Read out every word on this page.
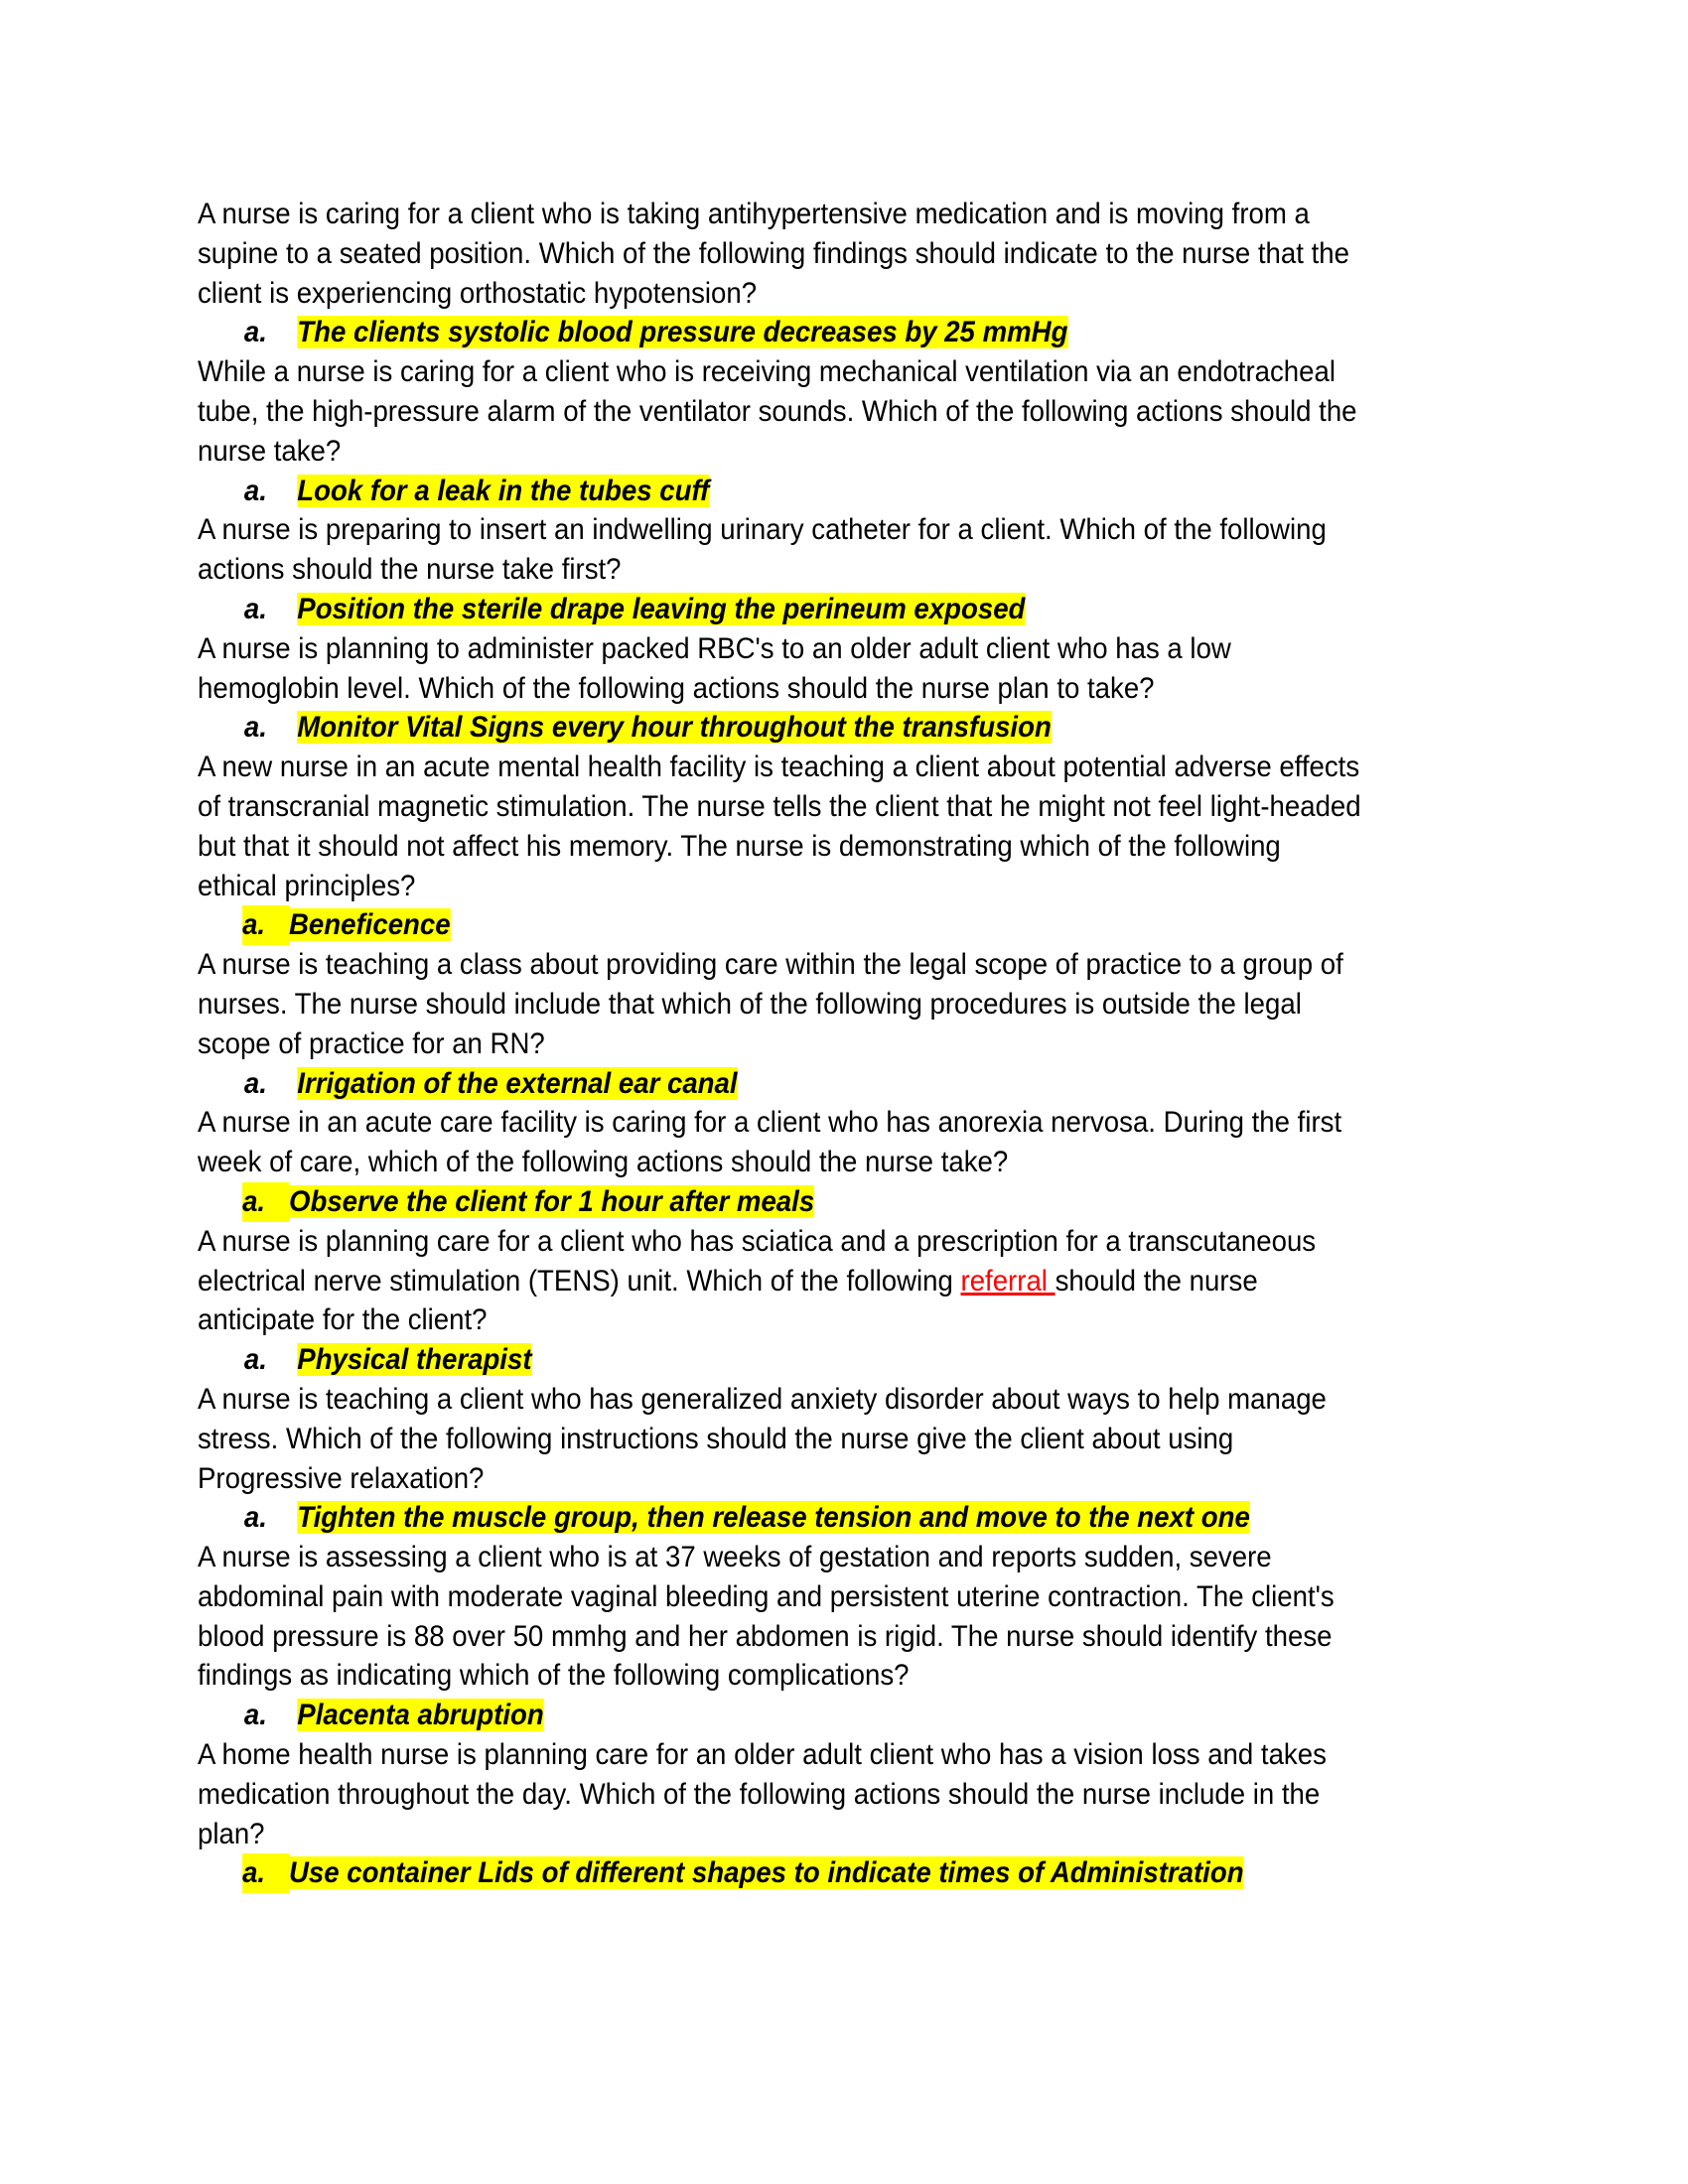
A nurse is caring for a client who is taking antihypertensive medication and is moving from a
supine to a seated position. Which of the following findings should indicate to the nurse that the
client is experiencing orthostatic hypotension?
a. The clients systolic blood pressure decreases by 25 mmHg
While a nurse is caring for a client who is receiving mechanical ventilation via an endotracheal
tube, the high-pressure alarm of the ventilator sounds. Which of the following actions should the
nurse take?
a. Look for a leak in the tubes cuff
A nurse is preparing to insert an indwelling urinary catheter for a client. Which of the following
actions should the nurse take first?
a. Position the sterile drape leaving the perineum exposed
A nurse is planning to administer packed RBC's to an older adult client who has a low
hemoglobin level. Which of the following actions should the nurse plan to take?
a. Monitor Vital Signs every hour throughout the transfusion
A new nurse in an acute mental health facility is teaching a client about potential adverse effects
of transcranial magnetic stimulation. The nurse tells the client that he might not feel light-headed
but that it should not affect his memory. The nurse is demonstrating which of the following
ethical principles?
a. Beneficence
A nurse is teaching a class about providing care within the legal scope of practice to a group of
nurses. The nurse should include that which of the following procedures is outside the legal
scope of practice for an RN?
a. Irrigation of the external ear canal
A nurse in an acute care facility is caring for a client who has anorexia nervosa. During the first
week of care, which of the following actions should the nurse take?
a. Observe the client for 1 hour after meals
A nurse is planning care for a client who has sciatica and a prescription for a transcutaneous
electrical nerve stimulation (TENS) unit. Which of the following referral should the nurse
anticipate for the client?
a. Physical therapist
A nurse is teaching a client who has generalized anxiety disorder about ways to help manage
stress. Which of the following instructions should the nurse give the client about using
Progressive relaxation?
a. Tighten the muscle group, then release tension and move to the next one
A nurse is assessing a client who is at 37 weeks of gestation and reports sudden, severe
abdominal pain with moderate vaginal bleeding and persistent uterine contraction. The client's
blood pressure is 88 over 50 mmhg and her abdomen is rigid. The nurse should identify these
findings as indicating which of the following complications?
a. Placenta abruption
A home health nurse is planning care for an older adult client who has a vision loss and takes
medication throughout the day. Which of the following actions should the nurse include in the
plan?
a. Use container Lids of different shapes to indicate times of Administration
